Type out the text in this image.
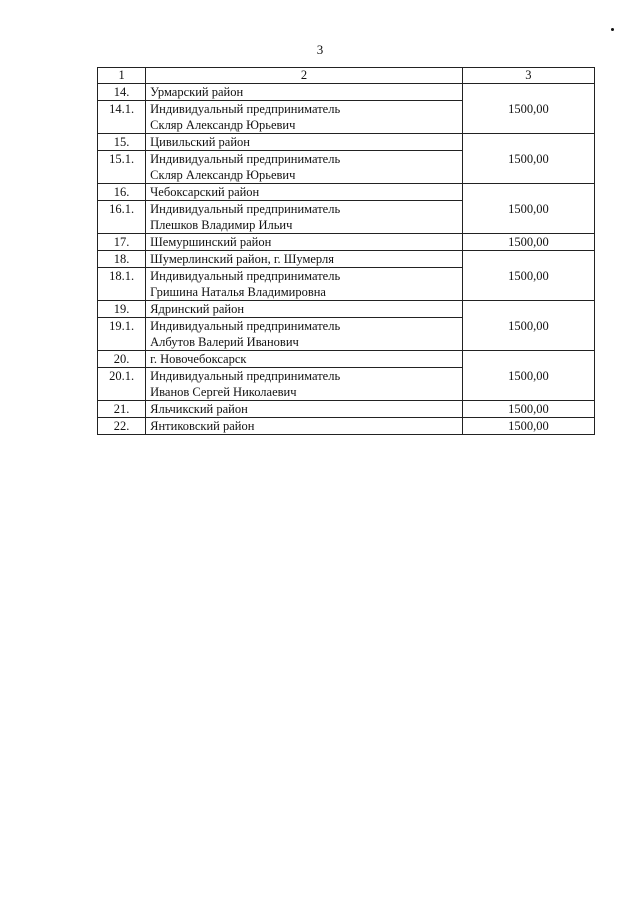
3
1	2	3
14.	Урмарский район	1500,00
14.1.	Индивидуальный предприниматель
Скляр Александр Юрьевич	

15.	Цивильский район	1500,00
15.1.	Индивидуальный предприниматель
Скляр Александр Юрьевич	

16.	Чебоксарский район	1500,00
16.1.	Индивидуальный предприниматель
Плешков Владимир Ильич	

17.	Шемуршинский район	1500,00
18.	Шумерлинский район, г. Шумерля	1500,00
18.1.	Индивидуальный предприниматель
Гришина Наталья Владимировна	

19.	Ядринский район	1500,00
19.1.	Индивидуальный предприниматель
Албутов Валерий Иванович	

20.	г. Новочебоксарск	1500,00
20.1.	Индивидуальный предприниматель
Иванов Сергей Николаевич	

21.	Яльчикский район	1500,00
22.	Янтиковский район	1500,00
